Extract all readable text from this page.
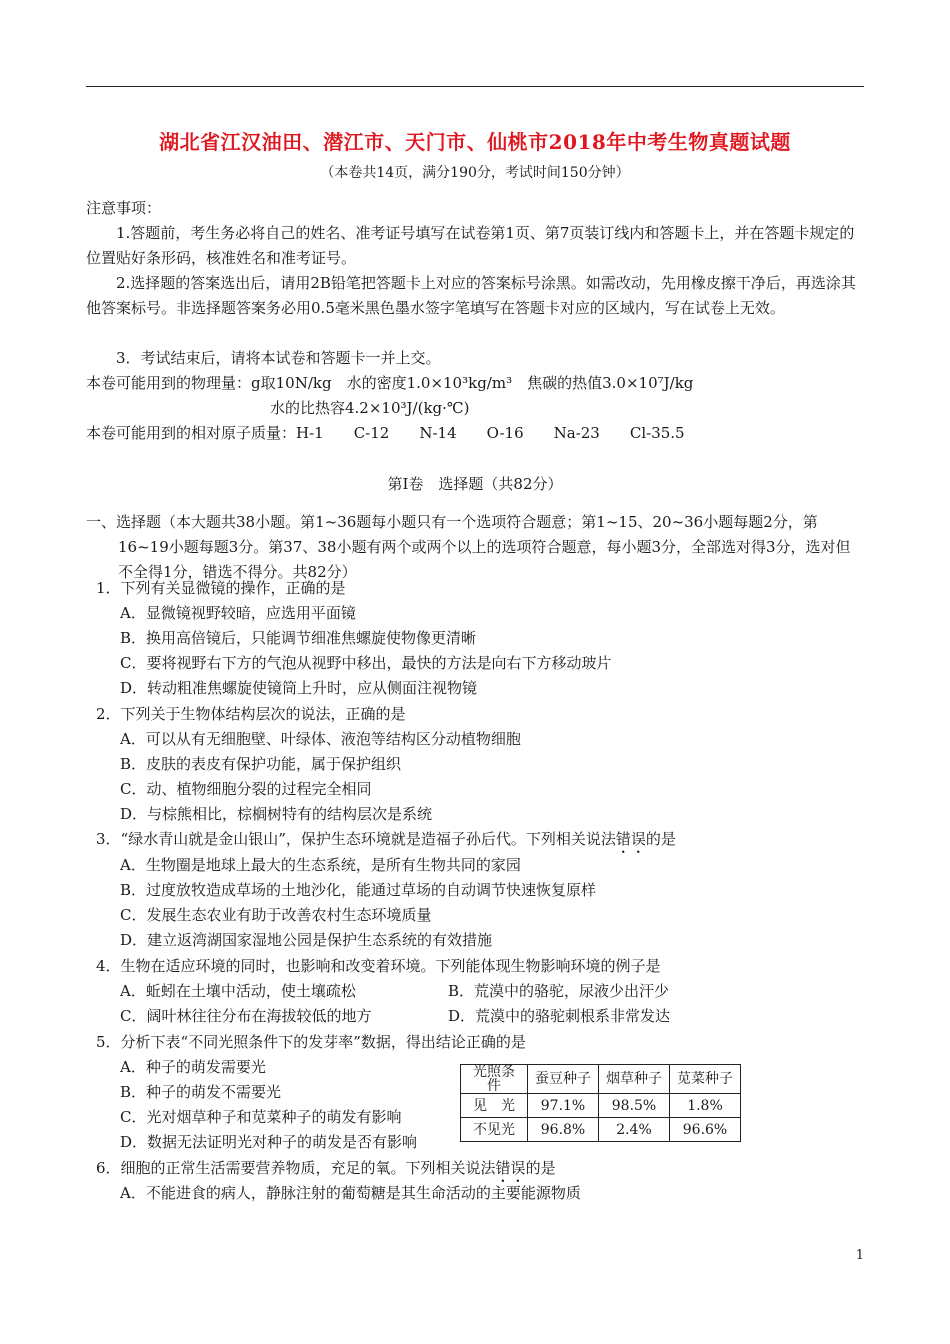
湖北省江汉油田、潜江市、天门市、仙桃市2018年中考生物真题试题
（本卷共14页，满分190分，考试时间150分钟）
注意事项：
1.答题前，考生务必将自己的姓名、准考证号填写在试卷第1页、第7页装订线内和答题卡上，并在答题卡规定的位置贴好条形码，核准姓名和准考证号。
2.选择题的答案选出后，请用2B铅笔把答题卡上对应的答案标号涂黑。如需改动，先用橡皮擦干净后，再选涂其他答案标号。非选择题答案务必用0.5毫米黑色墨水签字笔填写在答题卡对应的区域内，写在试卷上无效。
3．考试结束后，请将本试卷和答题卡一并上交。
本卷可能用到的物理量：g取10N/kg　 水的密度1.0×10³kg/m³　 焦碳的热值3.0×10⁷J/kg
水的比热容4.2×10³J/(kg·℃)
本卷可能用到的相对原子质量：H-1　　C-12　　N-14　　O-16　　Na-23　　Cl-35.5
第Ⅰ卷　选择题（共82分）
一、选择题（本大题共38小题。第1~36题每小题只有一个选项符合题意；第1~15、20~36小题每题2分，第16~19小题每题3分。第37、38小题有两个或两个以上的选项符合题意，每小题3分，全部选对得3分，选对但不全得1分，错选不得分。共82分）
1．下列有关显微镜的操作，正确的是
A．显微镜视野较暗，应选用平面镜
B．换用高倍镜后，只能调节细准焦螺旋使物像更清晰
C．要将视野右下方的气泡从视野中移出，最快的方法是向右下方移动玻片
D．转动粗准焦螺旋使镜筒上升时，应从侧面注视物镜
2．下列关于生物体结构层次的说法，正确的是
A．可以从有无细胞壁、叶绿体、液泡等结构区分动植物细胞
B．皮肤的表皮有保护功能，属于保护组织
C．动、植物细胞分裂的过程完全相同
D．与棕熊相比，棕榈树特有的结构层次是系统
3．“绿水青山就是金山银山”，保护生态环境就是造福子孙后代。下列相关说法错误的是
A．生物圈是地球上最大的生态系统，是所有生物共同的家园
B．过度放牧造成草场的土地沙化，能通过草场的自动调节快速恢复原样
C．发展生态农业有助于改善农村生态环境质量
D．建立返湾湖国家湿地公园是保护生态系统的有效措施
4．生物在适应环境的同时，也影响和改变着环境。下列能体现生物影响环境的例子是
A．蚯蚓在土壤中活动，使土壤疏松	B．荒漠中的骆驼，尿液少出汗少
C．阔叶林往往分布在海拔较低的地方	D．荒漠中的骆驼刺根系非常发达
5．分析下表“不同光照条件下的发芽率”数据，得出结论正确的是
A．种子的萌发需要光
B．种子的萌发不需要光
C．光对烟草种子和苋菜种子的萌发有影响
D．数据无法证明光对种子的萌发是否有影响
光照条
件	蚕豆种子	烟草种子	苋菜种子
见　光	97.1%	98.5%	1.8%
不见光	96.8%	2.4%	96.6%
6．细胞的正常生活需要营养物质，充足的氧。下列相关说法错误的是
A．不能进食的病人，静脉注射的葡萄糖是其生命活动的主要能源物质
1
